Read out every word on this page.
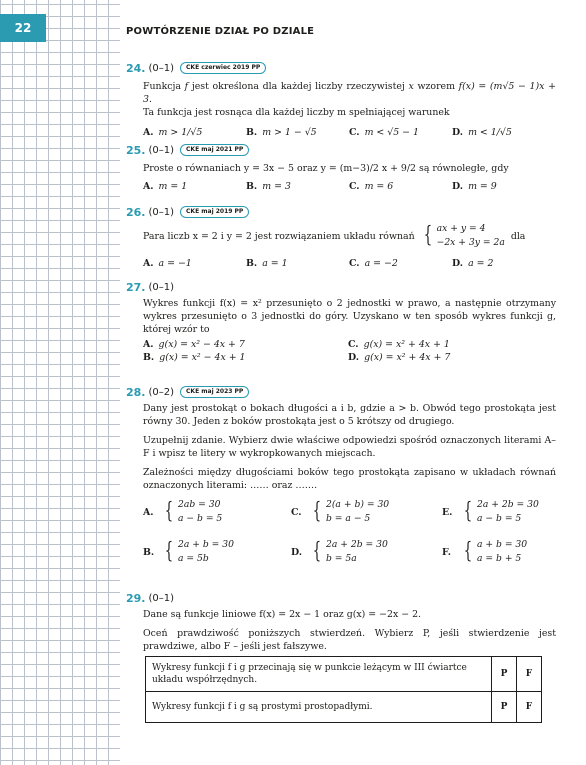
22	POWTÓRZENIE DZIAŁ PO DZIALE
24. (0–1)	CKE czerwiec 2019 PP
Funkcja f jest określona dla każdej liczby rzeczywistej x wzorem f(x) = (m√5 − 1)x + 3.
Ta funkcja jest rosnąca dla każdej liczby m spełniającej warunek
A. m > 1/√5	B. m > 1 − √5	C. m < √5 − 1	D. m < 1/√5
25. (0–1)	CKE maj 2021 PP
Proste o równaniach y = 3x − 5 oraz y = (m−3)/2 x + 9/2 są równoległe, gdy
A. m = 1	B. m = 3	C. m = 6	D. m = 9
26. (0–1)	CKE maj 2019 PP
Para liczb x = 2 i y = 2 jest rozwiązaniem układu równań { ax + y = 4
−2x + 3y = 2a
dla
A. a = −1	B. a = 1	C. a = −2	D. a = 2
27. (0–1)
Wykres funkcji f(x) = x² przesunięto o 2 jednostki w prawo, a następnie otrzymany wykres przesunięto o 3 jednostki do góry. Uzyskano w ten sposób wykres funkcji g, której wzór to
A. g(x) = x² − 4x + 7
B. g(x) = x² − 4x + 1
C. g(x) = x² + 4x + 1
D. g(x) = x² + 4x + 7
28. (0–2)	CKE maj 2023 PP

Dany jest prostokąt o bokach długości a i b, gdzie a > b. Obwód tego prostokąta jest równy 30. Jeden z boków prostokąta jest o 5 krótszy od drugiego.

Uzupełnij zdanie. Wybierz dwie właściwe odpowiedzi spośród oznaczonych literami A–F i wpisz te litery w wykropkowanych miejscach.

Zależności między długościami boków tego prostokąta zapisano w układach równań oznaczonych literami: …… oraz …….

A. { 2ab = 30
a − b = 5
C. { 2(a + b) = 30
b = a − 5
E. { 2a + 2b = 30
a − b = 5
B. { 2a + b = 30
a = 5b
D. { 2a + 2b = 30
b = 5a
F. { a + b = 30
a = b + 5
29. (0–1)

Dane są funkcje liniowe f(x) = 2x − 1 oraz g(x) = −2x − 2.

Oceń prawdziwość poniższych stwierdzeń. Wybierz P, jeśli stwierdzenie jest prawdziwe, albo F – jeśli jest fałszywe.

Wykresy funkcji f i g przecinają się w punkcie leżącym w III ćwiartce układu współrzędnych.	P	F
Wykresy funkcji f i g są prostymi prostopadłymi.	P	F
